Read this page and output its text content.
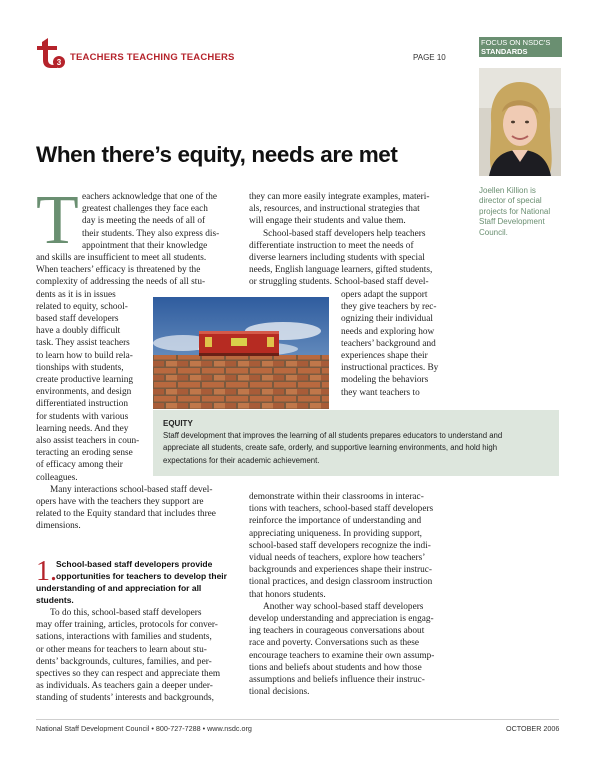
3 TEACHERS TEACHING TEACHERS	PAGE 10
FOCUS ON NSDC'S
STANDARDS
Joellen Killion is
director of special
projects for National
Staff Development
Council.
When there’s equity, needs are met
T eachers acknowledge that one of the

greatest challenges they face each

day is meeting the needs of all of

their students. They also express dis-

appointment that their knowledge

and skills are insufficient to meet all students.

When teachers’ efficacy is threatened by the

complexity of addressing the needs of all stu-

dents as it is in issues

related to equity, school-

based staff developers

have a doubly difficult

task. They assist teachers

to learn how to build rela-

tionships with students,

create productive learning

environments, and design

differentiated instruction

for students with various

learning needs. And they

also assist teachers in coun-

teracting an eroding sense

of efficacy among their

colleagues.

Many interactions school-based staff devel-

opers have with the teachers they support are

related to the Equity standard that includes three

dimensions.

1. School-based staff developers provide
opportunities for teachers to develop their
understanding of and appreciation for all
students.

To do this, school-based staff developers

may offer training, articles, protocols for conver-

sations, interactions with families and students,

or other means for teachers to learn about stu-

dents’ backgrounds, cultures, families, and per-

spectives so they can respect and appreciate them

as individuals. As teachers gain a deeper under-

standing of students’ interests and backgrounds,

they can more easily integrate examples, materi-

als, resources, and instructional strategies that

will engage their students and value them.

School-based staff developers help teachers

differentiate instruction to meet the needs of

diverse learners including students with special

needs, English language learners, gifted students,

or struggling students. School-based staff devel-

opers adapt the support

they give teachers by rec-

ognizing their individual

needs and exploring how

teachers’ background and

experiences shape their

instructional practices. By

modeling the behaviors

they want teachers to

demonstrate within their classrooms in interac-

tions with teachers, school-based staff developers

reinforce the importance of understanding and

appreciating uniqueness. In providing support,

school-based staff developers recognize the indi-

vidual needs of teachers, explore how teachers’

backgrounds and experiences shape their instruc-

tional practices, and design classroom instruction

that honors students.

Another way school-based staff developers

develop understanding and appreciation is engag-

ing teachers in courageous conversations about

race and poverty. Conversations such as these

encourage teachers to examine their own assump-

tions and beliefs about students and how those

assumptions and beliefs influence their instruc-

tional decisions.

EQUITY
Staff development that improves the learning of all students prepares educators to understand and
appreciate all students, create safe, orderly, and supportive learning environments, and hold high
expectations for their academic achievement.
National Staff Development Council • 800-727-7288 • www.nsdc.org	OCTOBER 2006
